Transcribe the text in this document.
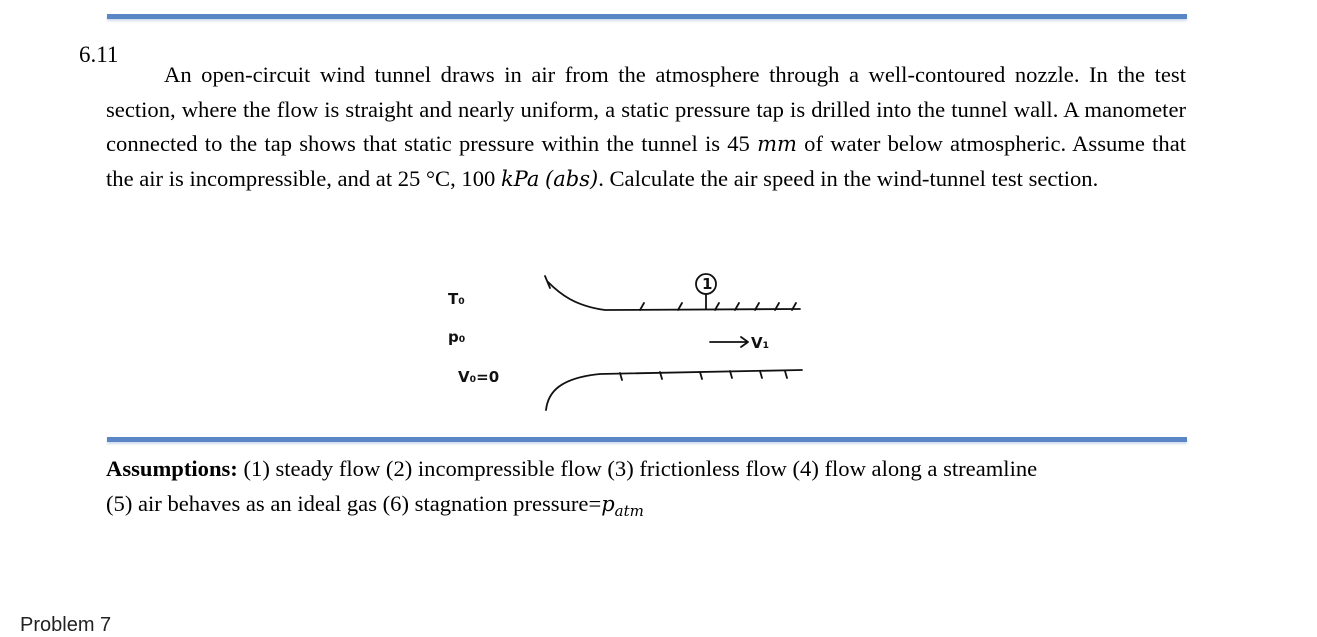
6.11
An open-circuit wind tunnel draws in air from the atmosphere through a well-contoured nozzle. In the test section, where the flow is straight and nearly uniform, a static pressure tap is drilled into the tunnel wall. A manometer connected to the tap shows that static pressure within the tunnel is 45 mm of water below atmospheric. Assume that the air is incompressible, and at 25 °C, 100 kPa (abs). Calculate the air speed in the wind-tunnel test section.
1
V₁
T₀
p₀
V₀=0
Assumptions: (1) steady flow (2) incompressible flow (3) frictionless flow (4) flow along a streamline
(5) air behaves as an ideal gas (6) stagnation $pressure=p_{atm}$
Problem 7
